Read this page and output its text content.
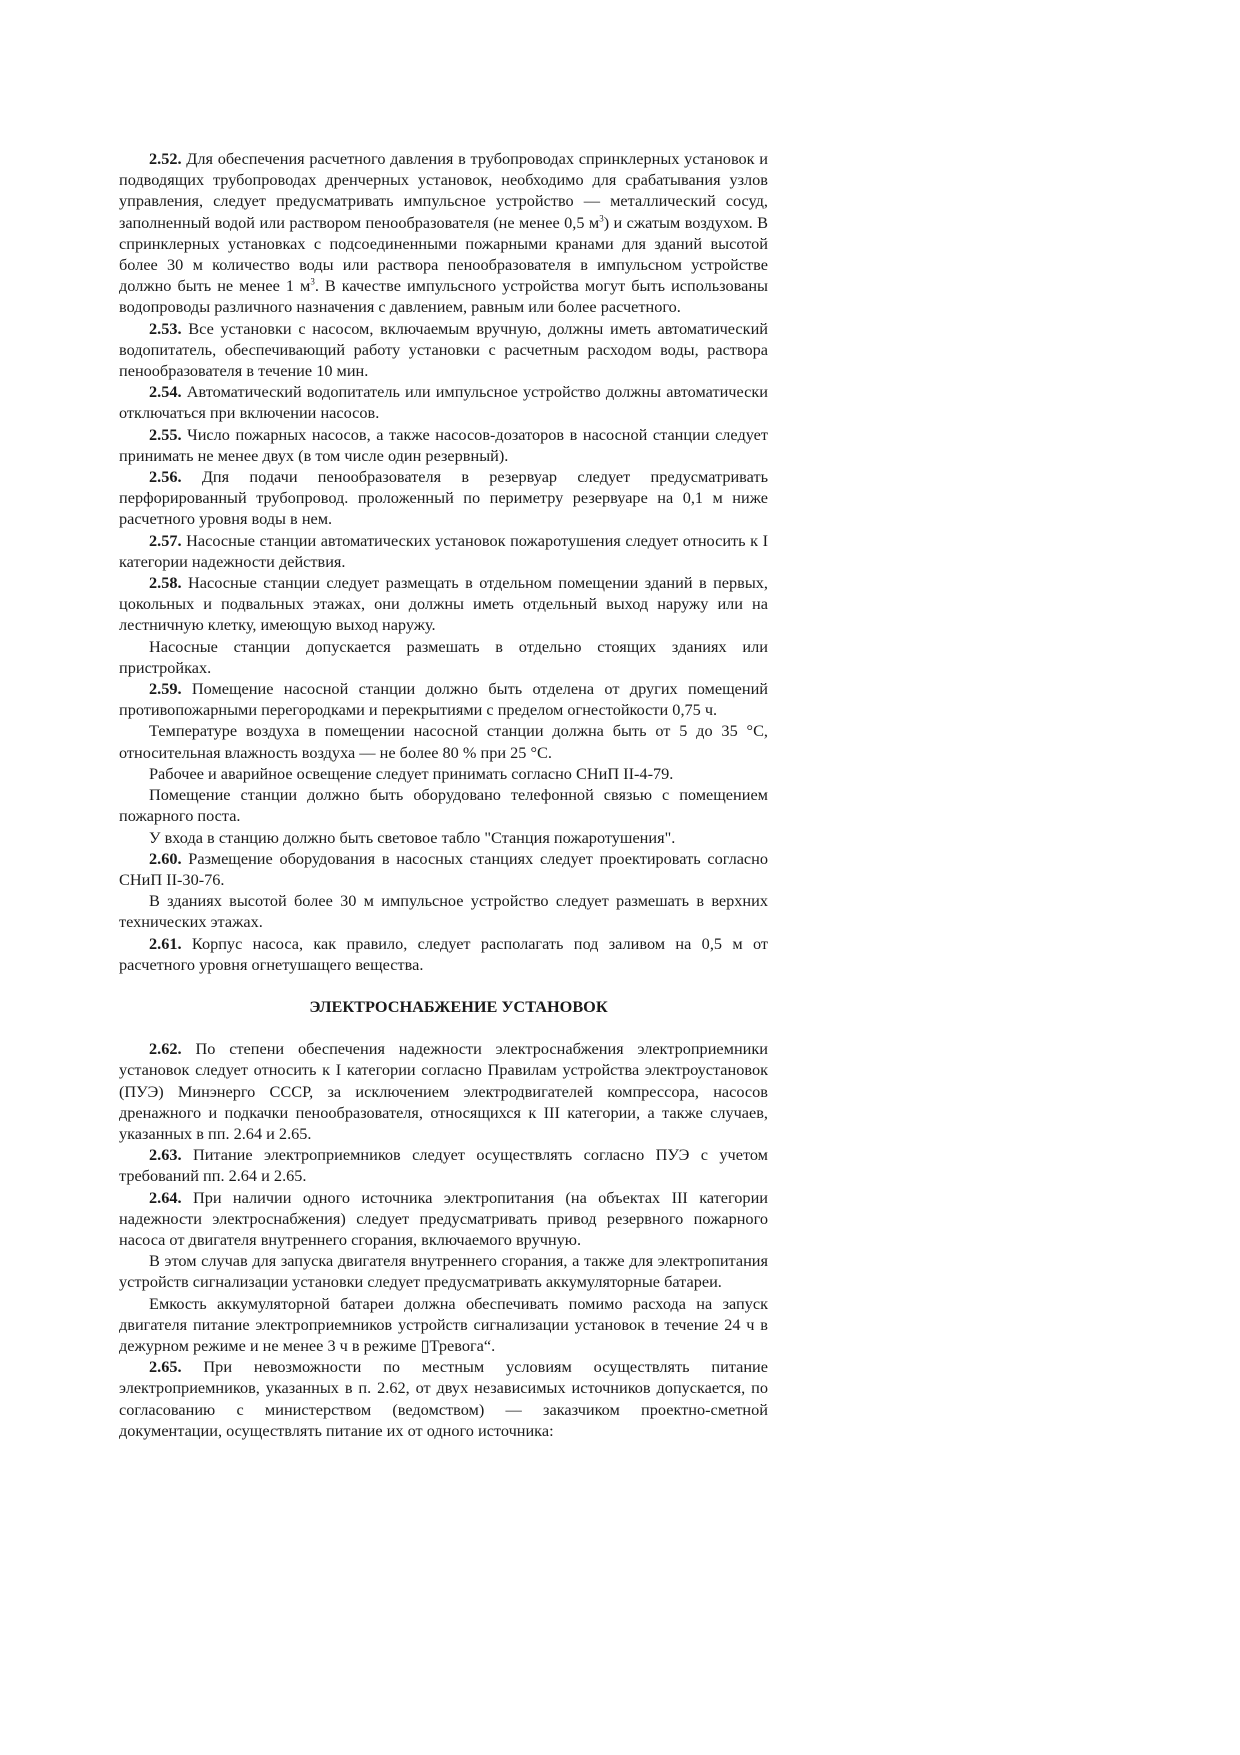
2.52. Для обеспечения расчетного давления в трубопроводах спринклерных установок и подводящих трубопроводах дренчерных установок, необходимо для срабатывания узлов управления, следует предусматривать импульсное устройство — металлический сосуд, заполненный водой или раствором пенообразователя (не менее 0,5 $м^3$) и сжатым воздухом. В спринклерных установках с подсоединенными пожарными кранами для зданий высотой более 30 м количество воды или раствора пенообразователя в импульсном устройстве должно быть не менее 1 $м^3$. В качестве импульсного устройства могут быть использованы водопроводы различного назначения с давлением, равным или более расчетного.

2.53. Все установки с насосом, включаемым вручную, должны иметь автоматический водопитатель, обеспечивающий работу установки с расчетным расходом воды, раствора пенообразователя в течение 10 мин.

2.54. Автоматический водопитатель или импульсное устройство должны автоматически отключаться при включении насосов.

2.55. Число пожарных насосов, а также насосов-дозаторов в насосной станции следует принимать не менее двух (в том числе один резервный).

2.56. Дпя подачи пенообразователя в резервуар следует предусматривать перфорированный трубопровод. проложенный по периметру резервуаре на 0,1 м ниже расчетного уровня воды в нем.

2.57. Насосные станции автоматических установок пожаротушения следует относить к I категории надежности действия.

2.58. Насосные станции следует размещать в отдельном помещении зданий в первых, цокольных и подвальных этажах, они должны иметь отдельный выход наружу или на лестничную клетку, имеющую выход наружу.

Насосные станции допускается размешать в отдельно стоящих зданиях или пристройках.

2.59. Помещение насосной станции должно быть отделена от других помещений противопожарными перегородками и перекрытиями с пределом огнестойкости 0,75 ч.

Температуре воздуха в помещении насосной станции должна быть от 5 до 35 °С, относительная влажность воздуха — не более 80 % при 25 °С.

Рабочее и аварийное освещение следует принимать согласно СНиП II-4-79.

Помещение станции должно быть оборудовано телефонной связью с помещением пожарного поста.

У входа в станцию должно быть световое табло "Станция пожаротушения".

2.60. Размещение оборудования в насосных станциях следует проектировать согласно СНиП II-30-76.

В зданиях высотой более 30 м импульсное устройство следует размешать в верхних технических этажах.

2.61. Корпус насоса, как правило, следует располагать под заливом на 0,5 м от расчетного уровня огнетушащего вещества.

ЭЛЕКТРОСНАБЖЕНИЕ УСТАНОВОК

2.62. По степени обеспечения надежности электроснабжения электроприемники установок следует относить к I категории согласно Правилам устройства электроустановок (ПУЭ) Минэнерго СССР, за исключением электродвигателей компрессора, насосов дренажного и подкачки пенообразователя, относящихся к III категории, а также случаев, указанных в пп. 2.64 и 2.65.

2.63. Питание электроприемников следует осуществлять согласно ПУЭ с учетом требований пп. 2.64 и 2.65.

2.64. При наличии одного источника электропитания (на объектах III категории надежности электроснабжения) следует предусматривать привод резервного пожарного насоса от двигателя внутреннего сгорания, включаемого вручную.

В этом случав для запуска двигателя внутреннего сгорания, а также для электропитания устройств сигнализации установки следует предусматривать аккумуляторные батареи.

Емкость аккумуляторной батареи должна обеспечивать помимо расхода на запуск двигателя питание электроприемников устройств сигнализации установок в течение 24 ч в дежурном режиме и не менее 3 ч в режиме ▯Тревога“.

2.65. При невозможности по местным условиям осуществлять питание электроприемников, указанных в п. 2.62, от двух независимых источников допускается, по согласованию с министерством (ведомством) — заказчиком проектно-сметной документации, осуществлять питание их от одного источника:
